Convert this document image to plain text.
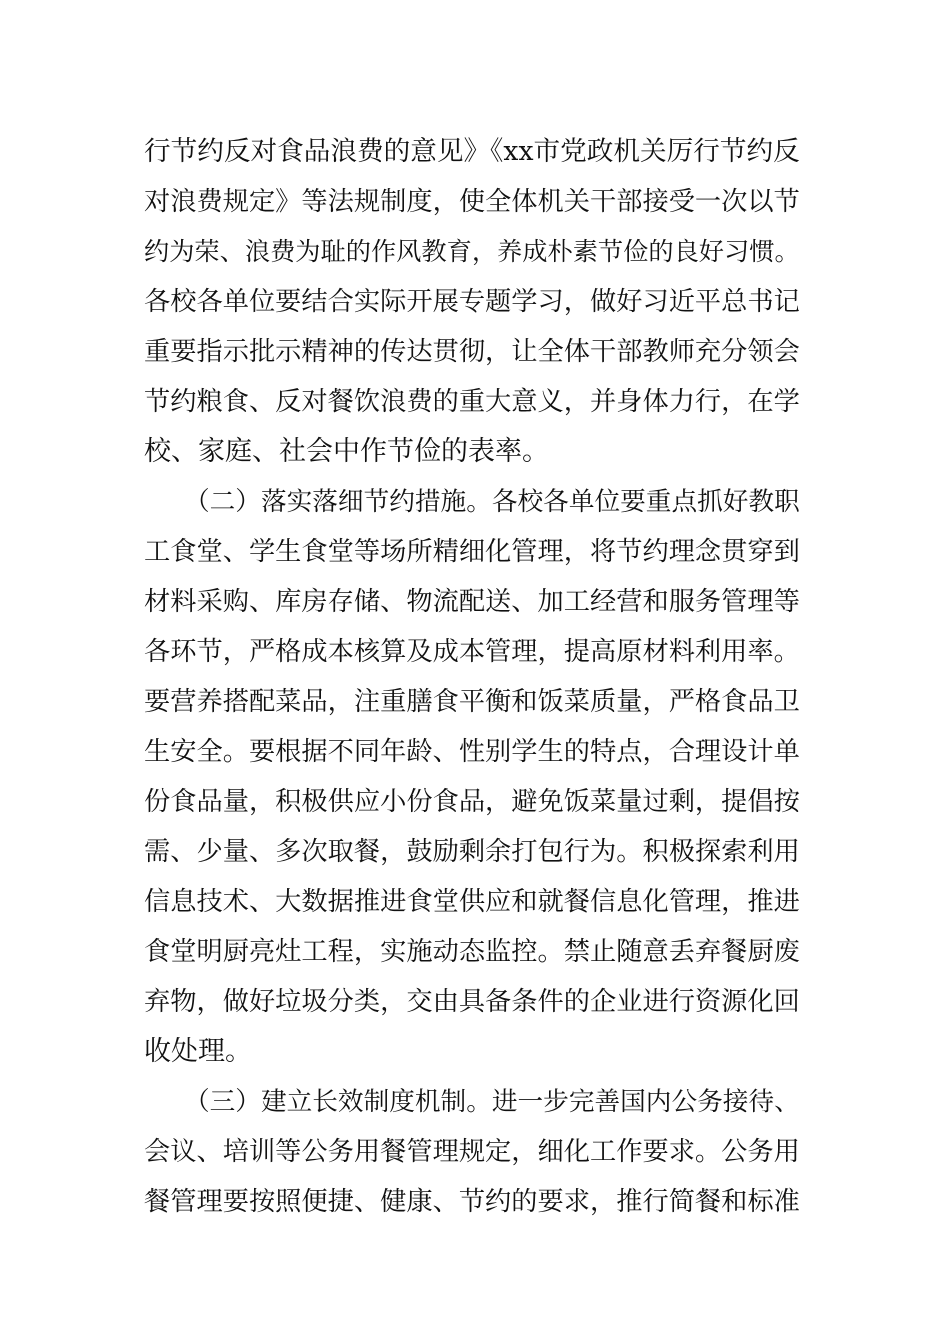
行节约反对食品浪费的意见》《xx市党政机关厉行节约反
对浪费规定》等法规制度，使全体机关干部接受一次以节
约为荣、浪费为耻的作风教育，养成朴素节俭的良好习惯。
各校各单位要结合实际开展专题学习，做好习近平总书记
重要指示批示精神的传达贯彻，让全体干部教师充分领会
节约粮食、反对餐饮浪费的重大意义，并身体力行，在学
校、家庭、社会中作节俭的表率。
（二）落实落细节约措施。各校各单位要重点抓好教职
工食堂、学生食堂等场所精细化管理，将节约理念贯穿到
材料采购、库房存储、物流配送、加工经营和服务管理等
各环节，严格成本核算及成本管理，提高原材料利用率。
要营养搭配菜品，注重膳食平衡和饭菜质量，严格食品卫
生安全。要根据不同年龄、性别学生的特点，合理设计单
份食品量，积极供应小份食品，避免饭菜量过剩，提倡按
需、少量、多次取餐，鼓励剩余打包行为。积极探索利用
信息技术、大数据推进食堂供应和就餐信息化管理，推进
食堂明厨亮灶工程，实施动态监控。禁止随意丢弃餐厨废
弃物，做好垃圾分类，交由具备条件的企业进行资源化回
收处理。
（三）建立长效制度机制。进一步完善国内公务接待、
会议、培训等公务用餐管理规定，细化工作要求。公务用
餐管理要按照便捷、健康、节约的要求，推行简餐和标准
